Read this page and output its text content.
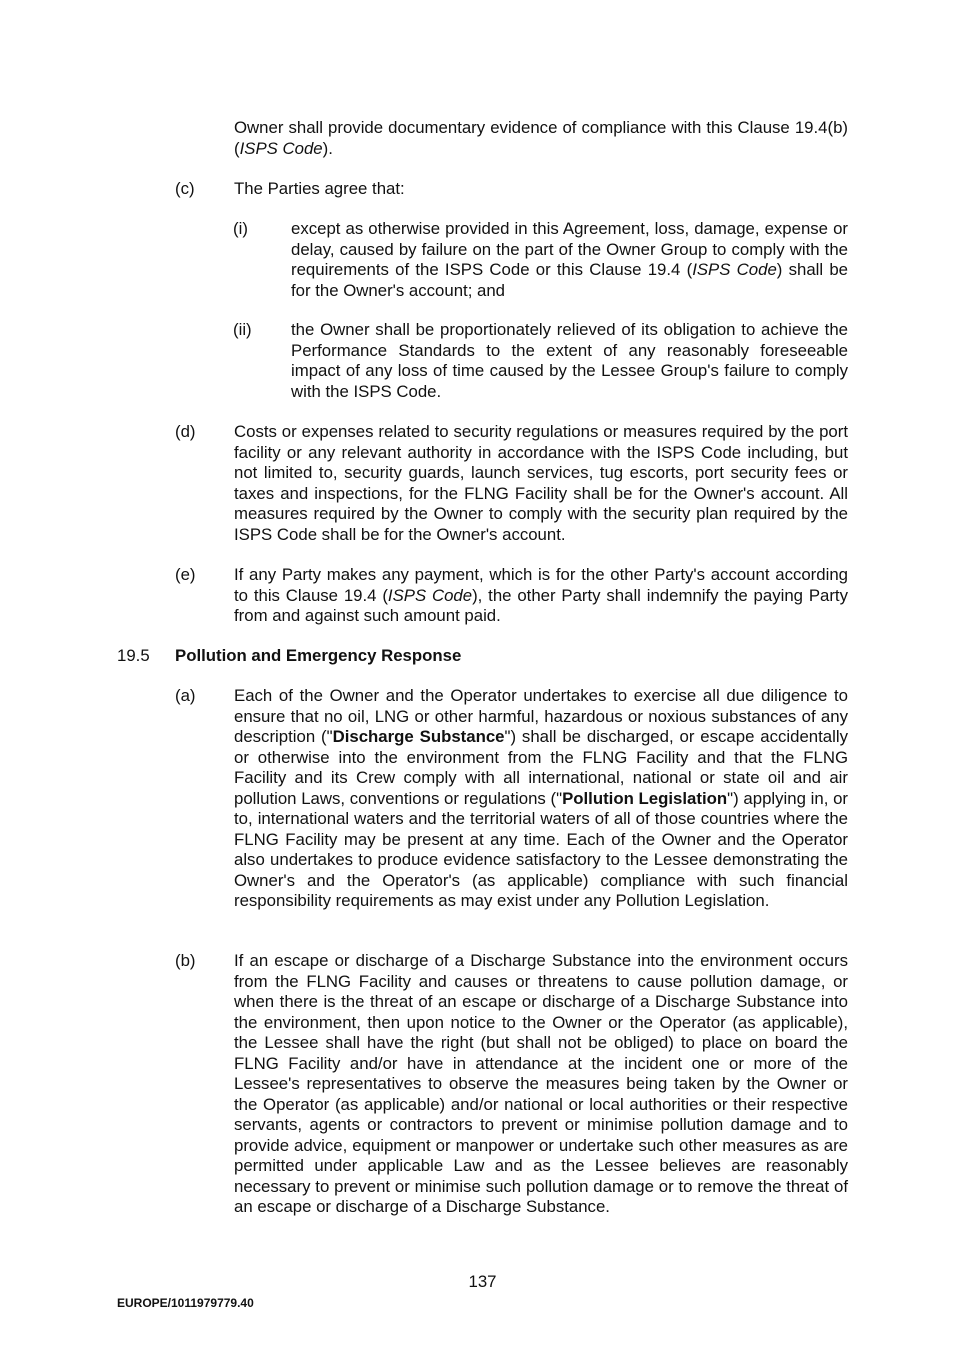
Owner shall provide documentary evidence of compliance with this Clause 19.4(b) (ISPS Code).

(c) The Parties agree that:

(i)	except as otherwise provided in this Agreement, loss, damage, expense or delay, caused by failure on the part of the Owner Group to comply with the requirements of the ISPS Code or this Clause 19.4 (ISPS Code) shall be for the Owner's account; and

(ii) the Owner shall be proportionately relieved of its obligation to achieve the Performance Standards to the extent of any reasonably foreseeable impact of any loss of time caused by the Lessee Group's failure to comply with the ISPS Code.

(d) Costs or expenses related to security regulations or measures required by the port facility or any relevant authority in accordance with the ISPS Code including, but not limited to, security guards, launch services, tug escorts, port security fees or taxes and inspections, for the FLNG Facility shall be for the Owner's account. All measures required by the Owner to comply with the security plan required by the ISPS Code shall be for the Owner's account.

(e) If any Party makes any payment, which is for the other Party's account according to this Clause 19.4 (ISPS Code), the other Party shall indemnify the paying Party from and against such amount paid.

19.5 Pollution and Emergency Response
(a) Each of the Owner and the Operator undertakes to exercise all due diligence to ensure that no oil, LNG or other harmful, hazardous or noxious substances of any description ("Discharge Substance") shall be discharged, or escape accidentally or otherwise into the environment from the FLNG Facility and that the FLNG Facility and its Crew comply with all international, national or state oil and air pollution Laws, conventions or regulations ("Pollution Legislation") applying in, or to, international waters and the territorial waters of all of those countries where the FLNG Facility may be present at any time. Each of the Owner and the Operator also undertakes to produce evidence satisfactory to the Lessee demonstrating the Owner's and the Operator's (as applicable) compliance with such financial responsibility requirements as may exist under any Pollution Legislation.

(b) If an escape or discharge of a Discharge Substance into the environment occurs from the FLNG Facility and causes or threatens to cause pollution damage, or when there is the threat of an escape or discharge of a Discharge Substance into the environment, then upon notice to the Owner or the Operator (as applicable), the Lessee shall have the right (but shall not be obliged) to place on board the FLNG Facility and/or have in attendance at the incident one or more of the Lessee's representatives to observe the measures being taken by the Owner or the Operator (as applicable) and/or national or local authorities or their respective servants, agents or contractors to prevent or minimise pollution damage and to provide advice, equipment or manpower or undertake such other measures as are permitted under applicable Law and as the Lessee believes are reasonably necessary to prevent or minimise such pollution damage or to remove the threat of an escape or discharge of a Discharge Substance.

137
EUROPE/1011979779.40
